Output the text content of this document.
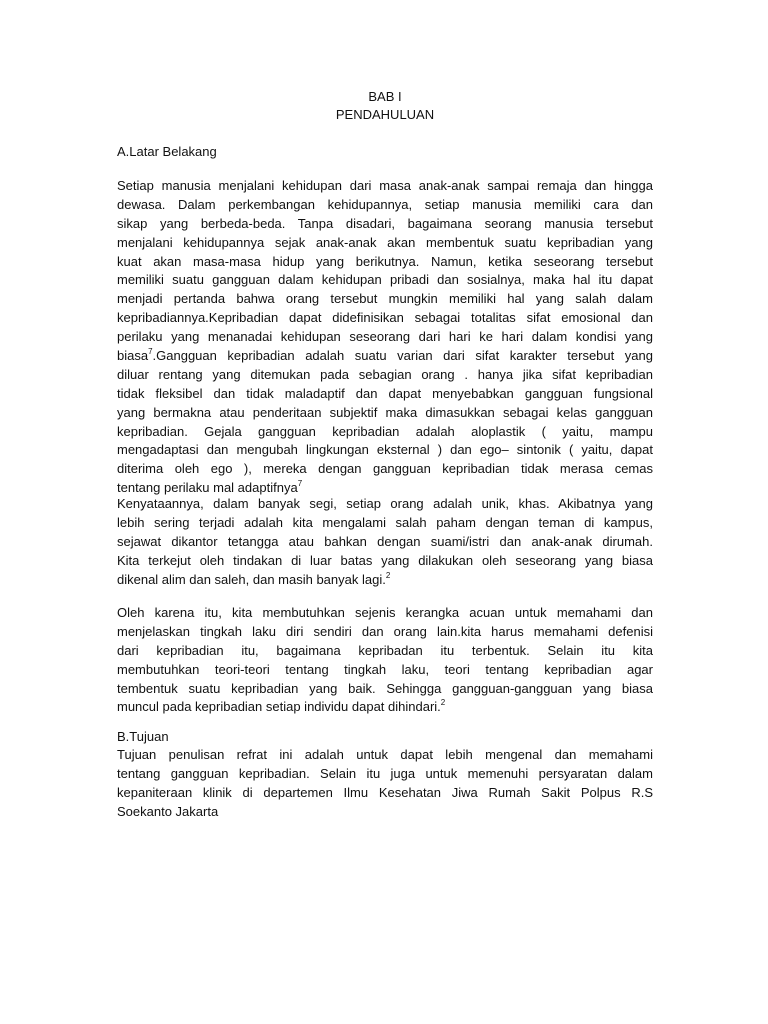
BAB I
PENDAHULUAN
A.Latar Belakang
Setiap manusia menjalani kehidupan dari masa anak-anak sampai remaja dan hingga
dewasa. Dalam perkembangan kehidupannya, setiap manusia memiliki cara dan
sikap yang berbeda-beda. Tanpa disadari, bagaimana seorang manusia tersebut
menjalani kehidupannya sejak anak-anak akan membentuk suatu kepribadian yang
kuat akan masa-masa hidup yang berikutnya. Namun, ketika seseorang tersebut
memiliki suatu gangguan dalam kehidupan pribadi dan sosialnya, maka hal itu dapat
menjadi pertanda bahwa orang tersebut mungkin memiliki hal yang salah dalam
kepribadiannya.Kepribadian dapat didefinisikan sebagai totalitas sifat emosional dan
perilaku yang menanadai kehidupan seseorang dari hari ke hari dalam kondisi yang
biasa$^7$.Gangguan kepribadian adalah suatu varian dari sifat karakter tersebut yang
diluar rentang yang ditemukan pada sebagian orang . hanya jika sifat kepribadian
tidak fleksibel dan tidak maladaptif dan dapat menyebabkan gangguan fungsional
yang bermakna atau penderitaan subjektif maka dimasukkan sebagai kelas gangguan
kepribadian. Gejala gangguan kepribadian adalah aloplastik ( yaitu, mampu
mengadaptasi dan mengubah lingkungan eksternal ) dan ego– sintonik ( yaitu, dapat
diterima oleh ego ), mereka dengan gangguan kepribadian tidak merasa cemas
tentang perilaku mal adaptifnya$^7$
Kenyataannya, dalam banyak segi, setiap orang adalah unik, khas. Akibatnya yang
lebih sering terjadi adalah kita mengalami salah paham dengan teman di kampus,
sejawat dikantor tetangga atau bahkan dengan suami/istri dan anak-anak dirumah.
Kita terkejut oleh tindakan di luar batas yang dilakukan oleh seseorang yang biasa
dikenal alim dan saleh, dan masih banyak lagi.$^2$
Oleh karena itu, kita membutuhkan sejenis kerangka acuan untuk memahami dan
menjelaskan tingkah laku diri sendiri dan orang lain.kita harus memahami defenisi
dari kepribadian itu, bagaimana kepribadan itu terbentuk. Selain itu kita
membutuhkan teori-teori tentang tingkah laku, teori tentang kepribadian agar
tembentuk suatu kepribadian yang baik. Sehingga gangguan-gangguan yang biasa
muncul pada kepribadian setiap individu dapat dihindari.$^2$
B.Tujuan
Tujuan penulisan refrat ini adalah untuk dapat lebih mengenal dan memahami
tentang gangguan kepribadian. Selain itu juga untuk memenuhi persyaratan dalam
kepaniteraan klinik di departemen Ilmu Kesehatan Jiwa Rumah Sakit Polpus R.S
Soekanto Jakarta
